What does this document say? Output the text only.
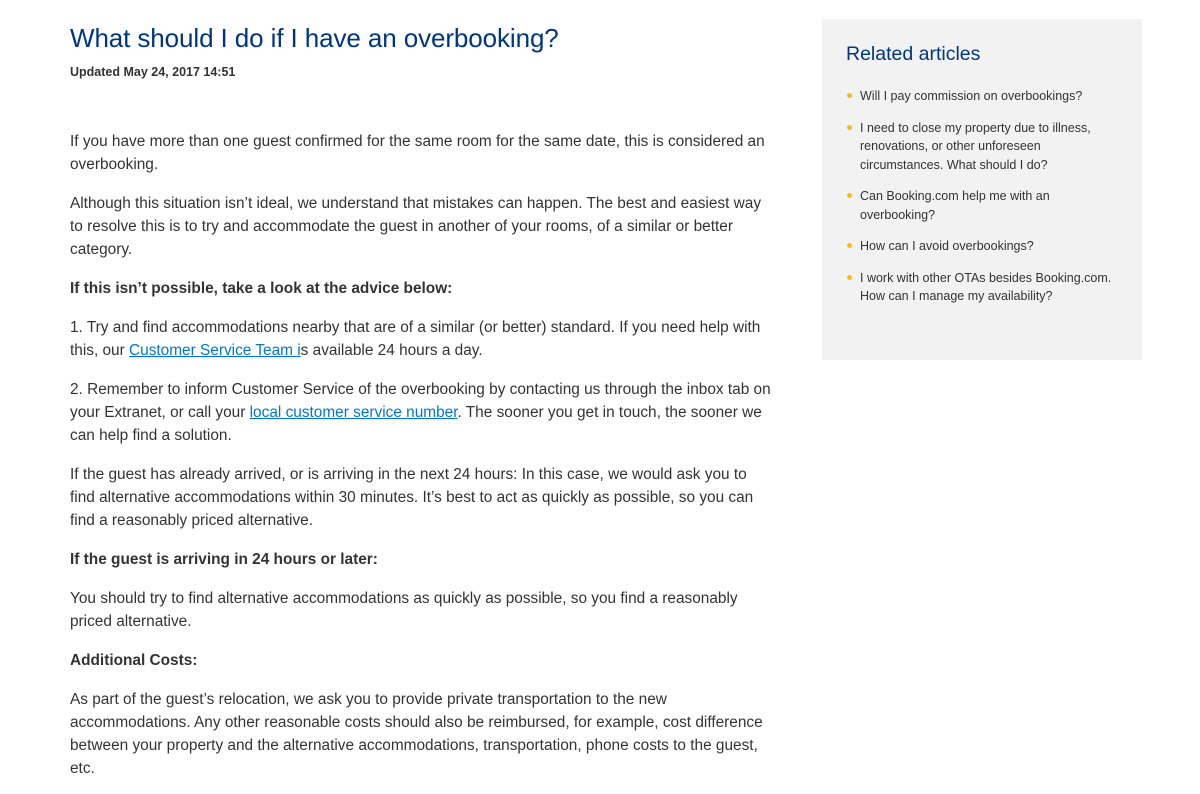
What should I do if I have an overbooking?
Updated May 24, 2017 14:51

If you have more than one guest confirmed for the same room for the same date, this is considered an overbooking.

Although this situation isn’t ideal, we understand that mistakes can happen. The best and easiest way to resolve this is to try and accommodate the guest in another of your rooms, of a similar or better category.

If this isn’t possible, take a look at the advice below:

1. Try and find accommodations nearby that are of a similar (or better) standard. If you need help with this, our Customer Service Team is available 24 hours a day.

2. Remember to inform Customer Service of the overbooking by contacting us through the inbox tab on your Extranet, or call your local customer service number. The sooner you get in touch, the sooner we can help find a solution.

If the guest has already arrived, or is arriving in the next 24 hours: In this case, we would ask you to find alternative accommodations within 30 minutes. It’s best to act as quickly as possible, so you can find a reasonably priced alternative.

If the guest is arriving in 24 hours or later:

You should try to find alternative accommodations as quickly as possible, so you find a reasonably priced alternative.

Additional Costs:

As part of the guest’s relocation, we ask you to provide private transportation to the new accommodations. Any other reasonable costs should also be reimbursed, for example, cost difference between your property and the alternative accommodations, transportation, phone costs to the guest, etc.

Related articles
Will I pay commission on overbookings?
I need to close my property due to illness, renovations, or other unforeseen circumstances. What should I do?
Can Booking.com help me with an overbooking?
How can I avoid overbookings?
I work with other OTAs besides Booking.com. How can I manage my availability?
